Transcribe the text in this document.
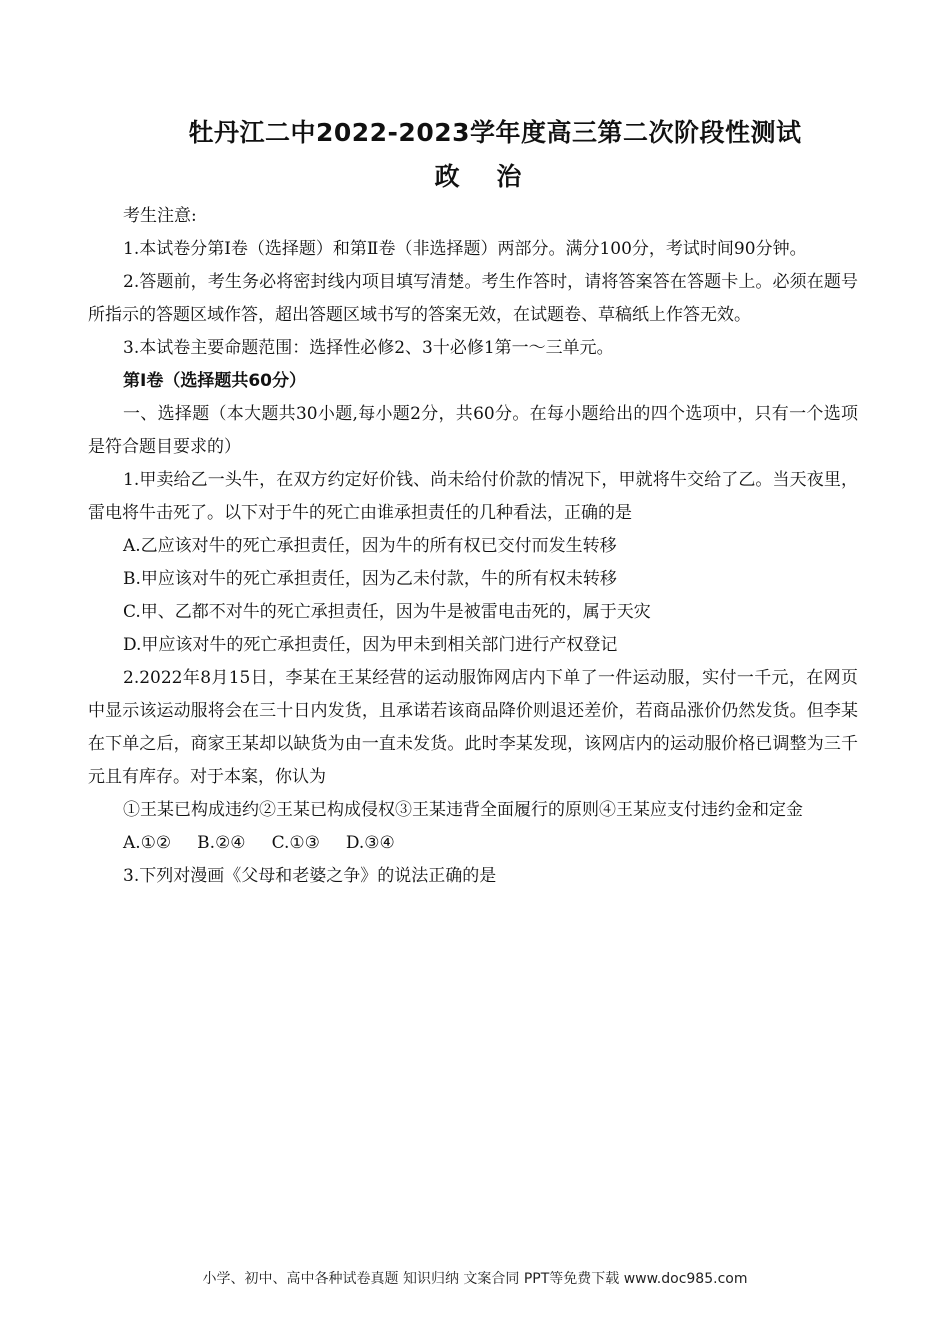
牡丹江二中2022-2023学年度高三第二次阶段性测试
政 治

考生注意:

1.本试卷分第Ⅰ卷（选择题）和第Ⅱ卷（非选择题）两部分。满分100分，考试时间90分钟。

2.答题前，考生务必将密封线内项目填写清楚。考生作答时，请将答案答在答题卡上。必须在题号所指示的答题区域作答，超出答题区域书写的答案无效，在试题卷、草稿纸上作答无效。

3.本试卷主要命题范围：选择性必修2、3十必修1第一～三单元。

第Ⅰ卷（选择题共60分）

一、选择题（本大题共30小题,每小题2分，共60分。在每小题给出的四个选项中，只有一个选项是符合题目要求的）

1.甲卖给乙一头牛，在双方约定好价钱、尚未给付价款的情况下，甲就将牛交给了乙。当天夜里，雷电将牛击死了。以下对于牛的死亡由谁承担责任的几种看法，正确的是

A.乙应该对牛的死亡承担责任，因为牛的所有权已交付而发生转移

B.甲应该对牛的死亡承担责任，因为乙未付款，牛的所有权未转移

C.甲、乙都不对牛的死亡承担责任，因为牛是被雷电击死的，属于天灾

D.甲应该对牛的死亡承担责任，因为甲未到相关部门进行产权登记

2.2022年8月15日，李某在王某经营的运动服饰网店内下单了一件运动服，实付一千元，在网页中显示该运动服将会在三十日内发货，且承诺若该商品降价则退还差价，若商品涨价仍然发货。但李某在下单之后，商家王某却以缺货为由一直未发货。此时李某发现，该网店内的运动服价格已调整为三千元且有库存。对于本案，你认为

①王某已构成违约②王某已构成侵权③王某违背全面履行的原则④王某应支付违约金和定金

A.①② B.②④ C.①③ D.③④

3.下列对漫画《父母和老婆之争》的说法正确的是

小学、初中、高中各种试卷真题 知识归纳 文案合同 PPT等免费下载 www.doc985.com
